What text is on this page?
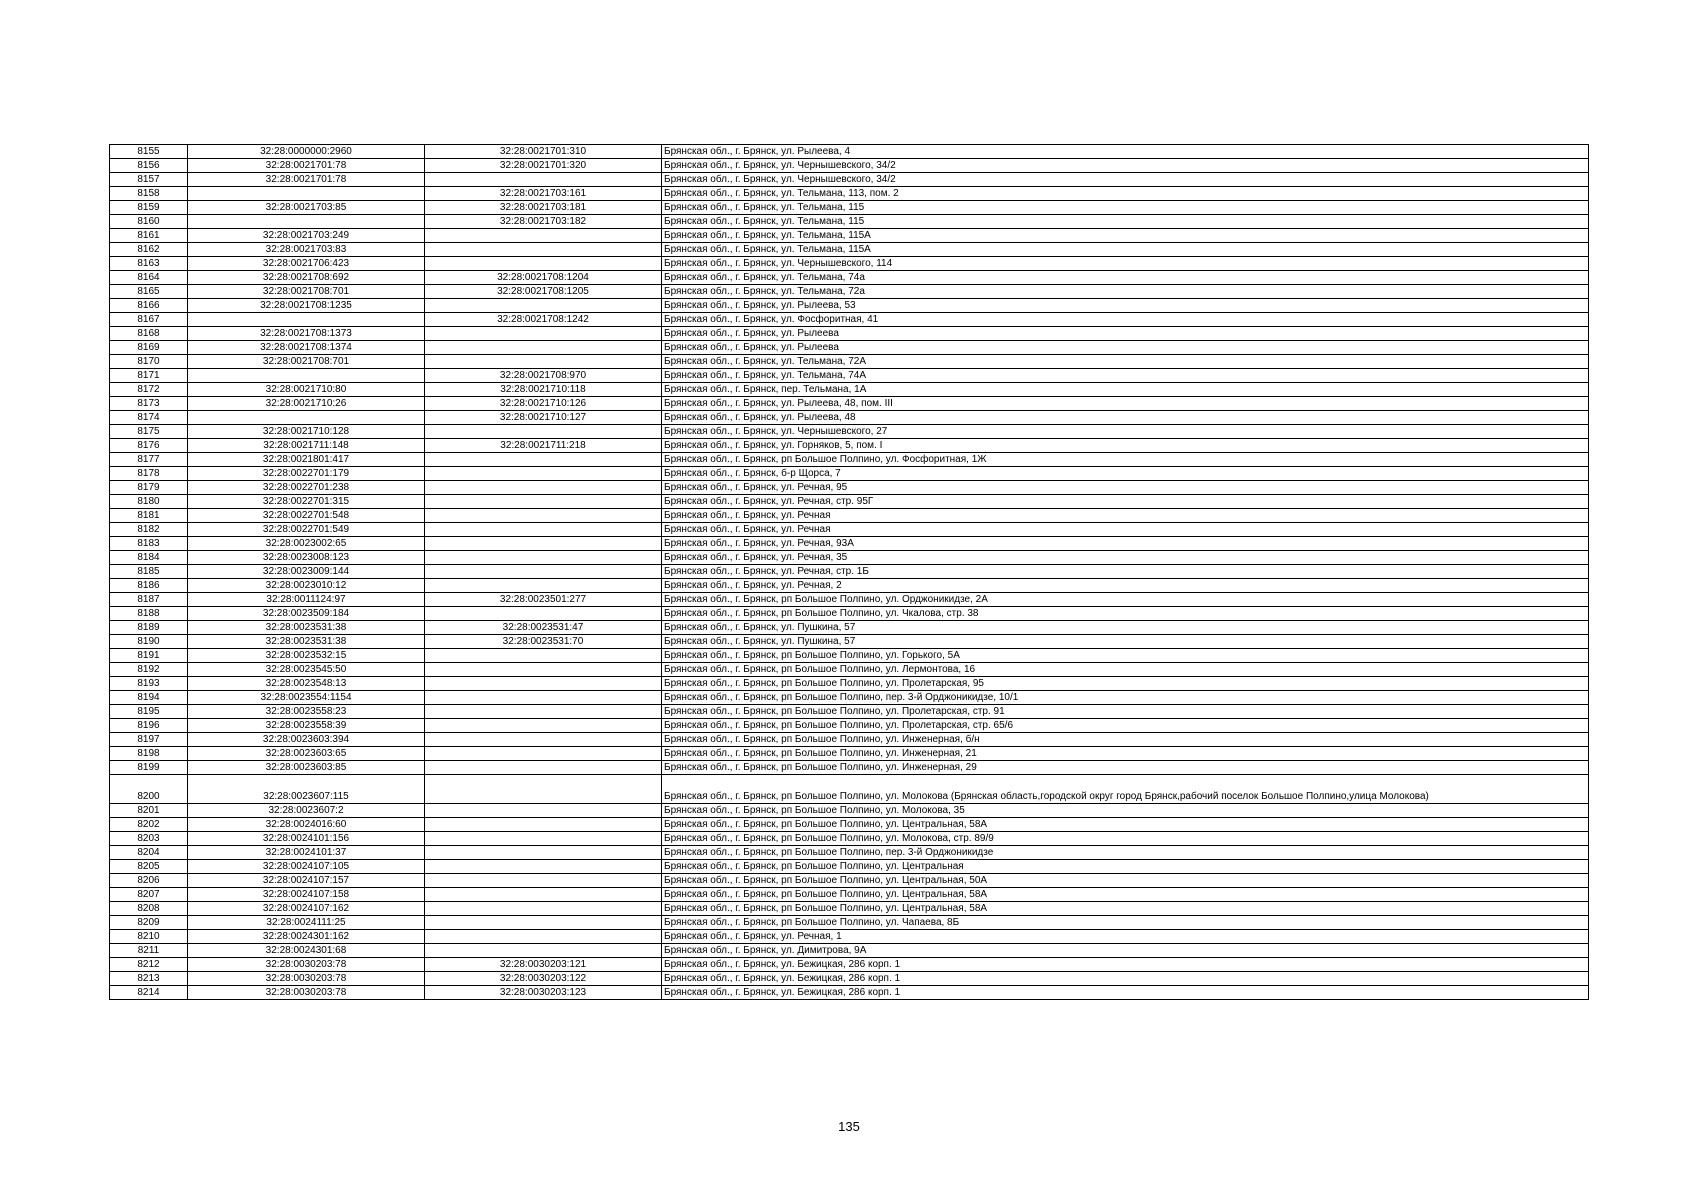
8155	32:28:0000000:2960	32:28:0021701:310	Брянская обл., г. Брянск, ул. Рылеева, 4
8156	32:28:0021701:78	32:28:0021701:320	Брянская обл., г. Брянск, ул. Чернышевского, 34/2
8157	32:28:0021701:78		Брянская обл., г. Брянск, ул. Чернышевского, 34/2
8158		32:28:0021703:161	Брянская обл., г. Брянск, ул. Тельмана, 113, пом. 2
8159	32:28:0021703:85	32:28:0021703:181	Брянская обл., г. Брянск, ул. Тельмана, 115
8160		32:28:0021703:182	Брянская обл., г. Брянск, ул. Тельмана, 115
8161	32:28:0021703:249		Брянская обл., г. Брянск, ул. Тельмана, 115А
8162	32:28:0021703:83		Брянская обл., г. Брянск, ул. Тельмана, 115А
8163	32:28:0021706:423		Брянская обл., г. Брянск, ул. Чернышевского, 114
8164	32:28:0021708:692	32:28:0021708:1204	Брянская обл., г. Брянск, ул. Тельмана, 74а
8165	32:28:0021708:701	32:28:0021708:1205	Брянская обл., г. Брянск, ул. Тельмана, 72а
8166	32:28:0021708:1235		Брянская обл., г. Брянск, ул. Рылеева, 53
8167		32:28:0021708:1242	Брянская обл., г. Брянск, ул. Фосфоритная, 41
8168	32:28:0021708:1373		Брянская обл., г. Брянск, ул. Рылеева
8169	32:28:0021708:1374		Брянская обл., г. Брянск, ул. Рылеева
8170	32:28:0021708:701		Брянская обл., г. Брянск, ул. Тельмана, 72А
8171		32:28:0021708:970	Брянская обл., г. Брянск, ул. Тельмана, 74А
8172	32:28:0021710:80	32:28:0021710:118	Брянская обл., г. Брянск, пер. Тельмана, 1А
8173	32:28:0021710:26	32:28:0021710:126	Брянская обл., г. Брянск, ул. Рылеева, 48, пом. III
8174		32:28:0021710:127	Брянская обл., г. Брянск, ул. Рылеева, 48
8175	32:28:0021710:128		Брянская обл., г. Брянск, ул. Чернышевского, 27
8176	32:28:0021711:148	32:28:0021711:218	Брянская обл., г. Брянск, ул. Горняков, 5, пом. I
8177	32:28:0021801:417		Брянская обл., г. Брянск, рп Большое Полпино, ул. Фосфоритная, 1Ж
8178	32:28:0022701:179		Брянская обл., г. Брянск, б-р Щорса, 7
8179	32:28:0022701:238		Брянская обл., г. Брянск, ул. Речная, 95
8180	32:28:0022701:315		Брянская обл., г. Брянск, ул. Речная, стр. 95Г
8181	32:28:0022701:548		Брянская обл., г. Брянск, ул. Речная
8182	32:28:0022701:549		Брянская обл., г. Брянск, ул. Речная
8183	32:28:0023002:65		Брянская обл., г. Брянск, ул. Речная, 93А
8184	32:28:0023008:123		Брянская обл., г. Брянск, ул. Речная, 35
8185	32:28:0023009:144		Брянская обл., г. Брянск, ул. Речная, стр. 1Б
8186	32:28:0023010:12		Брянская обл., г. Брянск, ул. Речная, 2
8187	32:28:0011124:97	32:28:0023501:277	Брянская обл., г. Брянск, рп Большое Полпино, ул. Орджоникидзе, 2А
8188	32:28:0023509:184		Брянская обл., г. Брянск, рп Большое Полпино, ул. Чкалова, стр. 38
8189	32:28:0023531:38	32:28:0023531:47	Брянская обл., г. Брянск, ул. Пушкина, 57
8190	32:28:0023531:38	32:28:0023531:70	Брянская обл., г. Брянск, ул. Пушкина, 57
8191	32:28:0023532:15		Брянская обл., г. Брянск, рп Большое Полпино, ул. Горького, 5А
8192	32:28:0023545:50		Брянская обл., г. Брянск, рп Большое Полпино, ул. Лермонтова, 16
8193	32:28:0023548:13		Брянская обл., г. Брянск, рп Большое Полпино, ул. Пролетарская, 95
8194	32:28:0023554:1154		Брянская обл., г. Брянск, рп Большое Полпино, пер. 3-й Орджоникидзе, 10/1
8195	32:28:0023558:23		Брянская обл., г. Брянск, рп Большое Полпино, ул. Пролетарская, стр. 91
8196	32:28:0023558:39		Брянская обл., г. Брянск, рп Большое Полпино, ул. Пролетарская, стр. 65/6
8197	32:28:0023603:394		Брянская обл., г. Брянск, рп Большое Полпино, ул. Инженерная, б/н
8198	32:28:0023603:65		Брянская обл., г. Брянск, рп Большое Полпино, ул. Инженерная, 21
8199	32:28:0023603:85		Брянская обл., г. Брянск, рп Большое Полпино, ул. Инженерная, 29
8200	32:28:0023607:115		Брянская обл., г. Брянск, рп Большое Полпино, ул. Молокова (Брянская область,городской округ город Брянск,рабочий поселок Большое Полпино,улица Молокова)
8201	32:28:0023607:2		Брянская обл., г. Брянск, рп Большое Полпино, ул. Молокова, 35
8202	32:28:0024016:60		Брянская обл., г. Брянск, рп Большое Полпино, ул. Центральная, 58А
8203	32:28:0024101:156		Брянская обл., г. Брянск, рп Большое Полпино, ул. Молокова, стр. 89/9
8204	32:28:0024101:37		Брянская обл., г. Брянск, рп Большое Полпино, пер. 3-й Орджоникидзе
8205	32:28:0024107:105		Брянская обл., г. Брянск, рп Большое Полпино, ул. Центральная
8206	32:28:0024107:157		Брянская обл., г. Брянск, рп Большое Полпино, ул. Центральная, 50А
8207	32:28:0024107:158		Брянская обл., г. Брянск, рп Большое Полпино, ул. Центральная, 58А
8208	32:28:0024107:162		Брянская обл., г. Брянск, рп Большое Полпино, ул. Центральная, 58А
8209	32:28:0024111:25		Брянская обл., г. Брянск, рп Большое Полпино, ул. Чапаева, 8Б
8210	32:28:0024301:162		Брянская обл., г. Брянск, ул. Речная, 1
8211	32:28:0024301:68		Брянская обл., г. Брянск, ул. Димитрова, 9А
8212	32:28:0030203:78	32:28:0030203:121	Брянская обл., г. Брянск, ул. Бежицкая, 286 корп. 1
8213	32:28:0030203:78	32:28:0030203:122	Брянская обл., г. Брянск, ул. Бежицкая, 286 корп. 1
8214	32:28:0030203:78	32:28:0030203:123	Брянская обл., г. Брянск, ул. Бежицкая, 286 корп. 1
135
